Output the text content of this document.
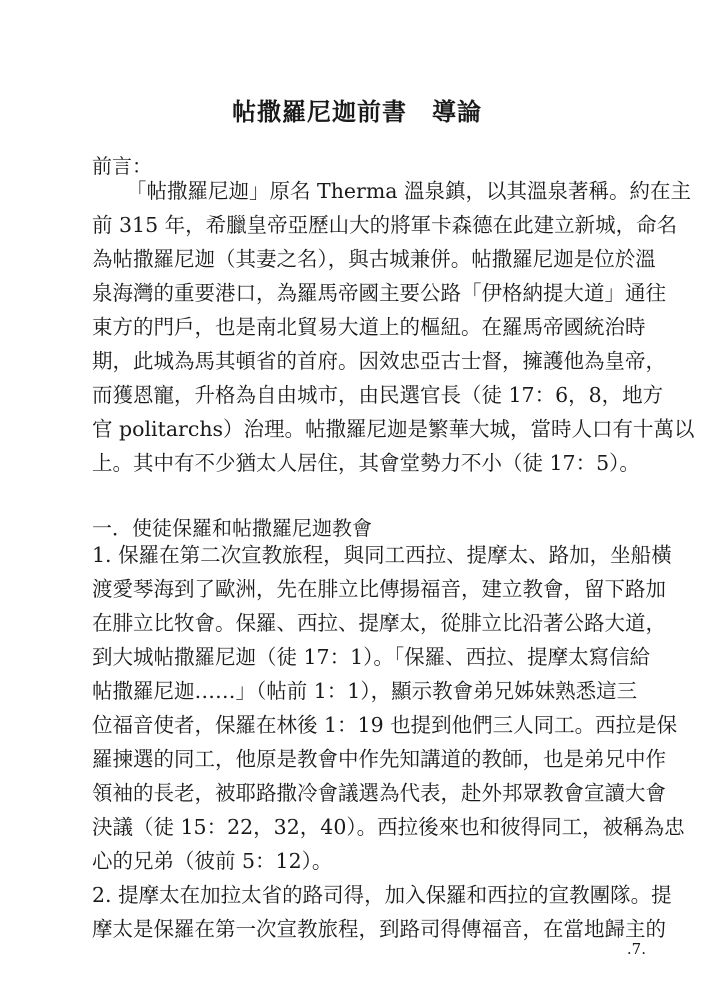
帖撒羅尼迦前書　導論
前言：
「帖撒羅尼迦」原名 Therma 溫泉鎮，以其溫泉著稱。約在主
前 315 年，希臘皇帝亞歷山大的將軍卡森德在此建立新城，命名
為帖撒羅尼迦（其妻之名），與古城兼併。帖撒羅尼迦是位於溫
泉海灣的重要港口，為羅馬帝國主要公路「伊格納提大道」通往
東方的門戶，也是南北貿易大道上的樞紐。在羅馬帝國統治時
期，此城為馬其頓省的首府。因效忠亞古士督，擁護他為皇帝，
而獲恩寵，升格為自由城市，由民選官長（徒 17：6，8，地方
官 politarchs）治理。帖撒羅尼迦是繁華大城，當時人口有十萬以
上。其中有不少猶太人居住，其會堂勢力不小（徒 17：5）。
一．使徒保羅和帖撒羅尼迦教會
1. 保羅在第二次宣教旅程，與同工西拉、提摩太、路加，坐船橫
渡愛琴海到了歐洲，先在腓立比傳揚福音，建立教會，留下路加
在腓立比牧會。保羅、西拉、提摩太，從腓立比沿著公路大道，
到大城帖撒羅尼迦（徒 17：1）。「保羅、西拉、提摩太寫信給
帖撒羅尼迦……」（帖前 1：1），顯示教會弟兄姊妹熟悉這三
位福音使者，保羅在林後 1：19 也提到他們三人同工。西拉是保
羅揀選的同工，他原是教會中作先知講道的教師，也是弟兄中作
領袖的長老，被耶路撒冷會議選為代表，赴外邦眾教會宣讀大會
決議（徒 15：22，32，40）。西拉後來也和彼得同工，被稱為忠
心的兄弟（彼前 5：12）。
2. 提摩太在加拉太省的路司得，加入保羅和西拉的宣教團隊。提
摩太是保羅在第一次宣教旅程，到路司得傳福音，在當地歸主的
.7.
